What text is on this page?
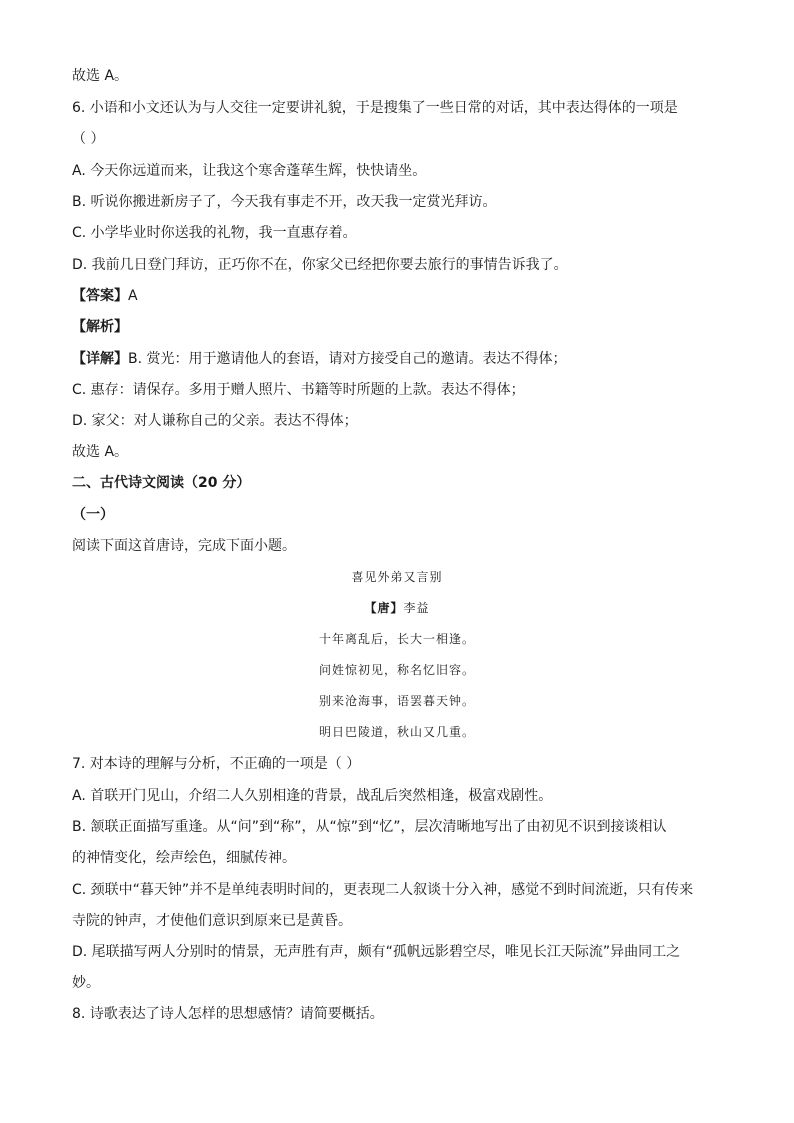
故选 A。
6. 小语和小文还认为与人交往一定要讲礼貌，于是搜集了一些日常的对话，其中表达得体的一项是
（ ）
A. 今天你远道而来，让我这个寒舍蓬荜生辉，快快请坐。
B. 听说你搬进新房子了，今天我有事走不开，改天我一定赏光拜访。
C. 小学毕业时你送我的礼物，我一直惠存着。
D. 我前几日登门拜访，正巧你不在，你家父已经把你要去旅行的事情告诉我了。
【答案】A
【解析】
【详解】B. 赏光：用于邀请他人的套语，请对方接受自己的邀请。表达不得体；
C. 惠存：请保存。多用于赠人照片、书籍等时所题的上款。表达不得体；
D. 家父：对人谦称自己的父亲。表达不得体；
故选 A。
二、古代诗文阅读（20 分）
（一）
阅读下面这首唐诗，完成下面小题。
喜见外弟又言别
【唐】李益
十年离乱后，长大一相逢。
问姓惊初见，称名忆旧容。
别来沧海事，语罢暮天钟。
明日巴陵道，秋山又几重。
7. 对本诗的理解与分析，不正确的一项是（ ）
A. 首联开门见山，介绍二人久别相逢的背景，战乱后突然相逢，极富戏剧性。
B. 颔联正面描写重逢。从“问”到“称”，从“惊”到“忆”，层次清晰地写出了由初见不识到接谈相认
的神情变化，绘声绘色，细腻传神。
C. 颈联中“暮天钟”并不是单纯表明时间的，更表现二人叙谈十分入神，感觉不到时间流逝，只有传来
寺院的钟声，才使他们意识到原来已是黄昏。
D. 尾联描写两人分别时的情景，无声胜有声，颇有“孤帆远影碧空尽，唯见长江天际流”异曲同工之
妙。
8. 诗歌表达了诗人怎样的思想感情？请简要概括。
